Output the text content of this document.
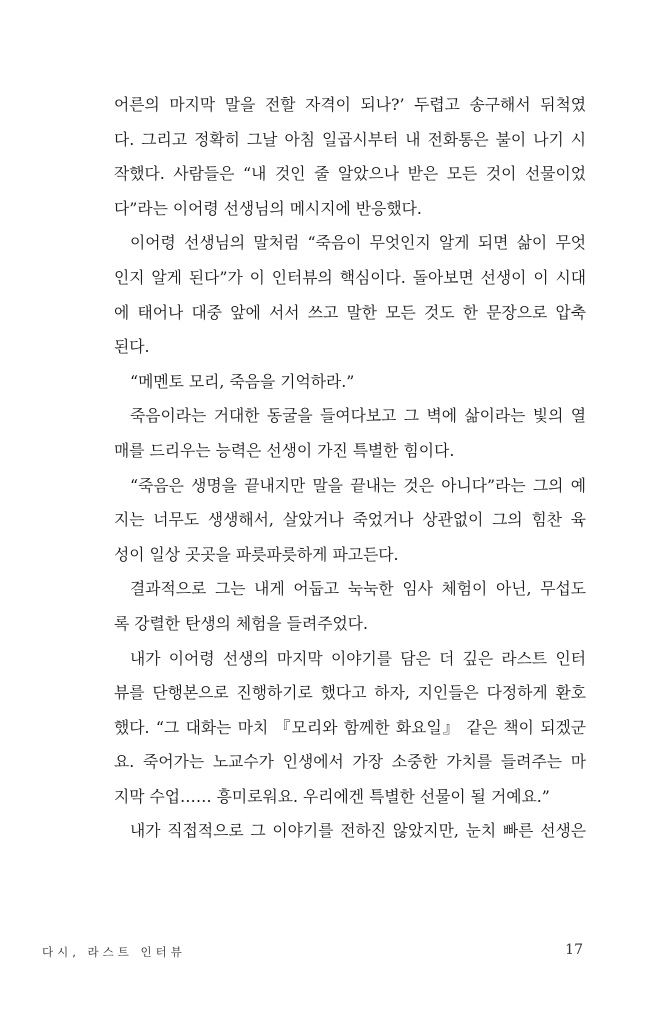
어른의 마지막 말을 전할 자격이 되나?’ 두렵고 송구해서 뒤척였
다. 그리고 정확히 그날 아침 일곱시부터 내 전화통은 불이 나기 시
작했다. 사람들은 “내 것인 줄 알았으나 받은 모든 것이 선물이었
다”라는 이어령 선생님의 메시지에 반응했다.
이어령 선생님의 말처럼 “죽음이 무엇인지 알게 되면 삶이 무엇
인지 알게 된다”가 이 인터뷰의 핵심이다. 돌아보면 선생이 이 시대
에 태어나 대중 앞에 서서 쓰고 말한 모든 것도 한 문장으로 압축
된다.
“메멘토 모리, 죽음을 기억하라.”
죽음이라는 거대한 동굴을 들여다보고 그 벽에 삶이라는 빛의 열
매를 드리우는 능력은 선생이 가진 특별한 힘이다.
“죽음은 생명을 끝내지만 말을 끝내는 것은 아니다”라는 그의 예
지는 너무도 생생해서, 살았거나 죽었거나 상관없이 그의 힘찬 육
성이 일상 곳곳을 파릇파릇하게 파고든다.
결과적으로 그는 내게 어둡고 눅눅한 임사 체험이 아닌, 무섭도
록 강렬한 탄생의 체험을 들려주었다.
내가 이어령 선생의 마지막 이야기를 담은 더 깊은 라스트 인터
뷰를 단행본으로 진행하기로 했다고 하자, 지인들은 다정하게 환호
했다. “그 대화는 마치 『모리와 함께한 화요일』 같은 책이 되겠군
요. 죽어가는 노교수가 인생에서 가장 소중한 가치를 들려주는 마
지막 수업…… 흥미로워요. 우리에겐 특별한 선물이 될 거예요.”
내가 직접적으로 그 이야기를 전하진 않았지만, 눈치 빠른 선생은
다시, 라스트 인터뷰	17
